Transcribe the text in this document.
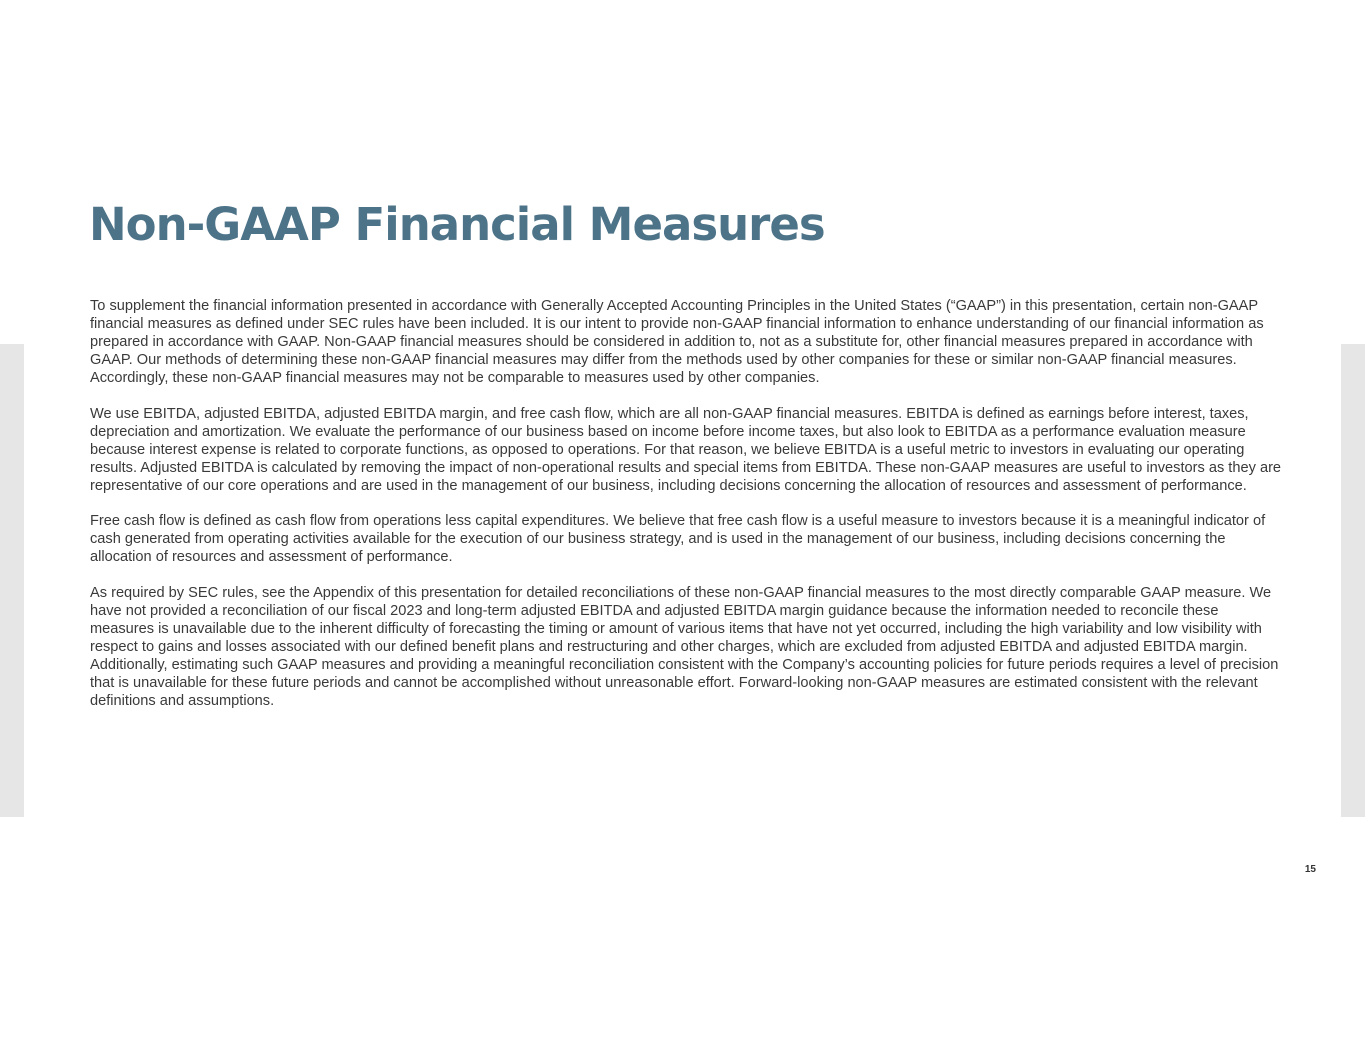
Non-GAAP Financial Measures

To supplement the financial information presented in accordance with Generally Accepted Accounting Principles in the United States (“GAAP”) in this presentation, certain non-GAAP financial measures as defined under SEC rules have been included. It is our intent to provide non-GAAP financial information to enhance understanding of our financial information as prepared in accordance with GAAP. Non-GAAP financial measures should be considered in addition to, not as a substitute for, other financial measures prepared in accordance with GAAP. Our methods of determining these non-GAAP financial measures may differ from the methods used by other companies for these or similar non-GAAP financial measures. Accordingly, these non-GAAP financial measures may not be comparable to measures used by other companies.

We use EBITDA, adjusted EBITDA, adjusted EBITDA margin, and free cash flow, which are all non-GAAP financial measures. EBITDA is defined as earnings before interest, taxes, depreciation and amortization. We evaluate the performance of our business based on income before income taxes, but also look to EBITDA as a performance evaluation measure because interest expense is related to corporate functions, as opposed to operations. For that reason, we believe EBITDA is a useful metric to investors in evaluating our operating results. Adjusted EBITDA is calculated by removing the impact of non-operational results and special items from EBITDA. These non-GAAP measures are useful to investors as they are representative of our core operations and are used in the management of our business, including decisions concerning the allocation of resources and assessment of performance.

Free cash flow is defined as cash flow from operations less capital expenditures. We believe that free cash flow is a useful measure to investors because it is a meaningful indicator of cash generated from operating activities available for the execution of our business strategy, and is used in the management of our business, including decisions concerning the allocation of resources and assessment of performance.

As required by SEC rules, see the Appendix of this presentation for detailed reconciliations of these non-GAAP financial measures to the most directly comparable GAAP measure. We have not provided a reconciliation of our fiscal 2023 and long-term adjusted EBITDA and adjusted EBITDA margin guidance because the information needed to reconcile these measures is unavailable due to the inherent difficulty of forecasting the timing or amount of various items that have not yet occurred, including the high variability and low visibility with respect to gains and losses associated with our defined benefit plans and restructuring and other charges, which are excluded from adjusted EBITDA and adjusted EBITDA margin. Additionally, estimating such GAAP measures and providing a meaningful reconciliation consistent with the Company’s accounting policies for future periods requires a level of precision that is unavailable for these future periods and cannot be accomplished without unreasonable effort. Forward-looking non-GAAP measures are estimated consistent with the relevant definitions and assumptions.

15
